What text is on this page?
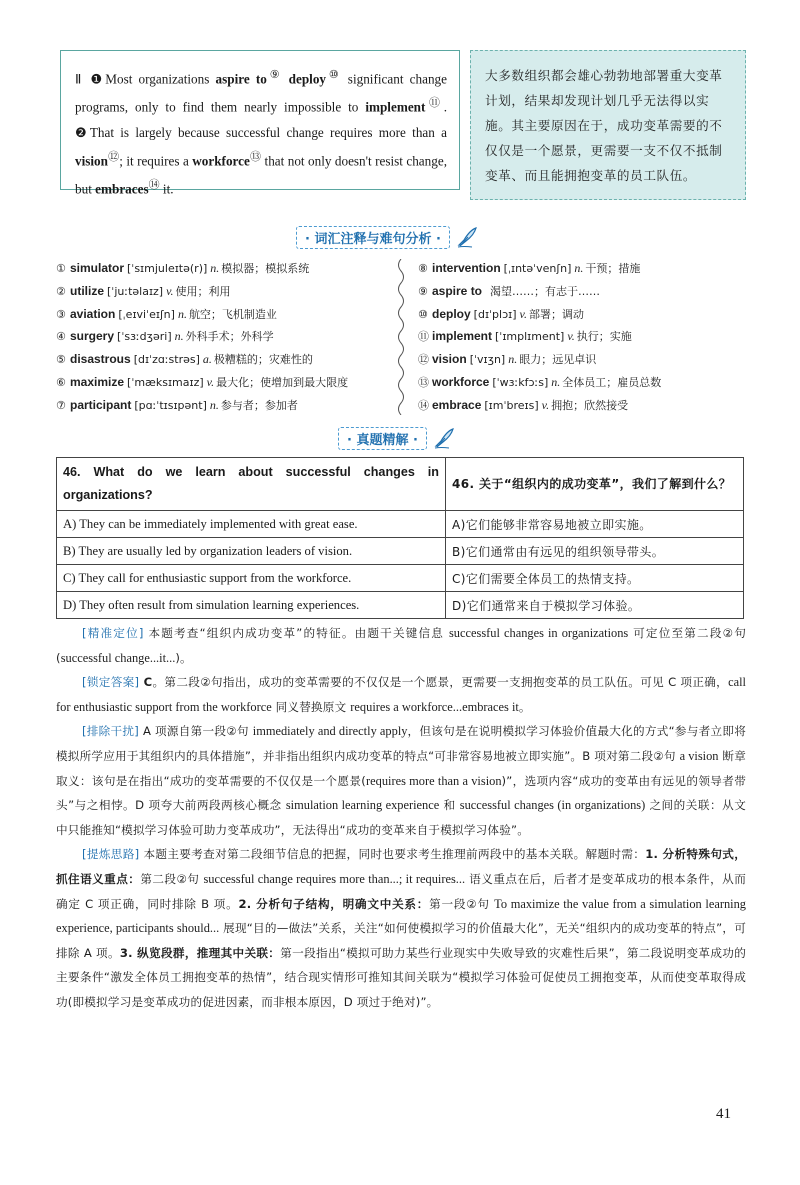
Ⅱ ❶Most organizations aspire to⑨ deploy⑩ significant change programs, only to find them nearly impossible to implement⑪. ❷That is largely because successful change requires more than a vision⑫; it requires a workforce⑬ that not only doesn't resist change, but embraces⑭ it.
大多数组织都会雄心勃勃地部署重大变革计划，结果却发现计划几乎无法得以实施。其主要原因在于，成功变革需要的不仅仅是一个愿景，更需要一支不仅不抵制变革、而且能拥抱变革的员工队伍。
· 词汇注释与难句分析 ·
① simulator [ˈsɪmjuleɪtə(r)] n. 模拟器；模拟系统
② utilize [ˈjuːtəlaɪz] v. 使用；利用
③ aviation [ˌeɪviˈeɪʃn] n. 航空；飞机制造业
④ surgery [ˈsɜːdʒəri] n. 外科手术；外科学
⑤ disastrous [dɪˈzɑːstrəs] a. 极糟糕的；灾难性的
⑥ maximize [ˈmæksɪmaɪz] v. 最大化；使增加到最大限度
⑦ participant [pɑːˈtɪsɪpənt] n. 参与者；参加者
⑧ intervention [ˌɪntəˈvenʃn] n. 干预；措施
⑨ aspire to 渴望……；有志于……
⑩ deploy [dɪˈplɔɪ] v. 部署；调动
⑪ implement [ˈɪmplɪment] v. 执行；实施
⑫ vision [ˈvɪʒn] n. 眼力；远见卓识
⑬ workforce [ˈwɜːkfɔːs] n. 全体员工；雇员总数
⑭ embrace [ɪmˈbreɪs] v. 拥抱；欣然接受
· 真题精解 ·
46. What do we learn about successful changes in organizations?	46. 关于“组织内的成功变革”，我们了解到什么？
A) They can be immediately implemented with great ease.	A)它们能够非常容易地被立即实施。
B) They are usually led by organization leaders of vision.	B)它们通常由有远见的组织领导带头。
C) They call for enthusiastic support from the workforce.	C)它们需要全体员工的热情支持。
D) They often result from simulation learning experiences.	D)它们通常来自于模拟学习体验。

[精准定位] 本题考查“组织内成功变革”的特征。由题干关键信息 successful changes in organizations 可定位至第二段②句(successful change...it...)。

[锁定答案] C。第二段②句指出，成功的变革需要的不仅仅是一个愿景，更需要一支拥抱变革的员工队伍。可见 C 项正确，call for enthusiastic support from the workforce 同义替换原文 requires a workforce...embraces it。

[排除干扰] A 项源自第一段②句 immediately and directly apply，但该句是在说明模拟学习体验价值最大化的方式“参与者立即将模拟所学应用于其组织内的具体措施”，并非指出组织内成功变革的特点“可非常容易地被立即实施”。B 项对第二段②句 a vision 断章取义：该句是在指出“成功的变革需要的不仅仅是一个愿景(requires more than a vision)”，选项内容“成功的变革由有远见的领导者带头”与之相悖。D 项夸大前两段两核心概念 simulation learning experience 和 successful changes (in organizations) 之间的关联：从文中只能推知“模拟学习体验可助力变革成功”，无法得出“成功的变革来自于模拟学习体验”。

[提炼思路] 本题主要考查对第二段细节信息的把握，同时也要求考生推理前两段中的基本关联。解题时需：1. 分析特殊句式，抓住语义重点：第二段②句 successful change requires more than...; it requires... 语义重点在后，后者才是变革成功的根本条件，从而确定 C 项正确，同时排除 B 项。2. 分析句子结构，明确文中关系：第一段②句 To maximize the value from a simulation learning experience, participants should... 展现“目的—做法”关系，关注“如何使模拟学习的价值最大化”，无关“组织内的成功变革的特点”，可排除 A 项。3. 纵览段群，推理其中关联：第一段指出“模拟可助力某些行业现实中失败导致的灾难性后果”，第二段说明变革成功的主要条件“激发全体员工拥抱变革的热情”，结合现实情形可推知其间关联为“模拟学习体验可促使员工拥抱变革，从而使变革取得成功(即模拟学习是变革成功的促进因素，而非根本原因，D 项过于绝对)”。

41
